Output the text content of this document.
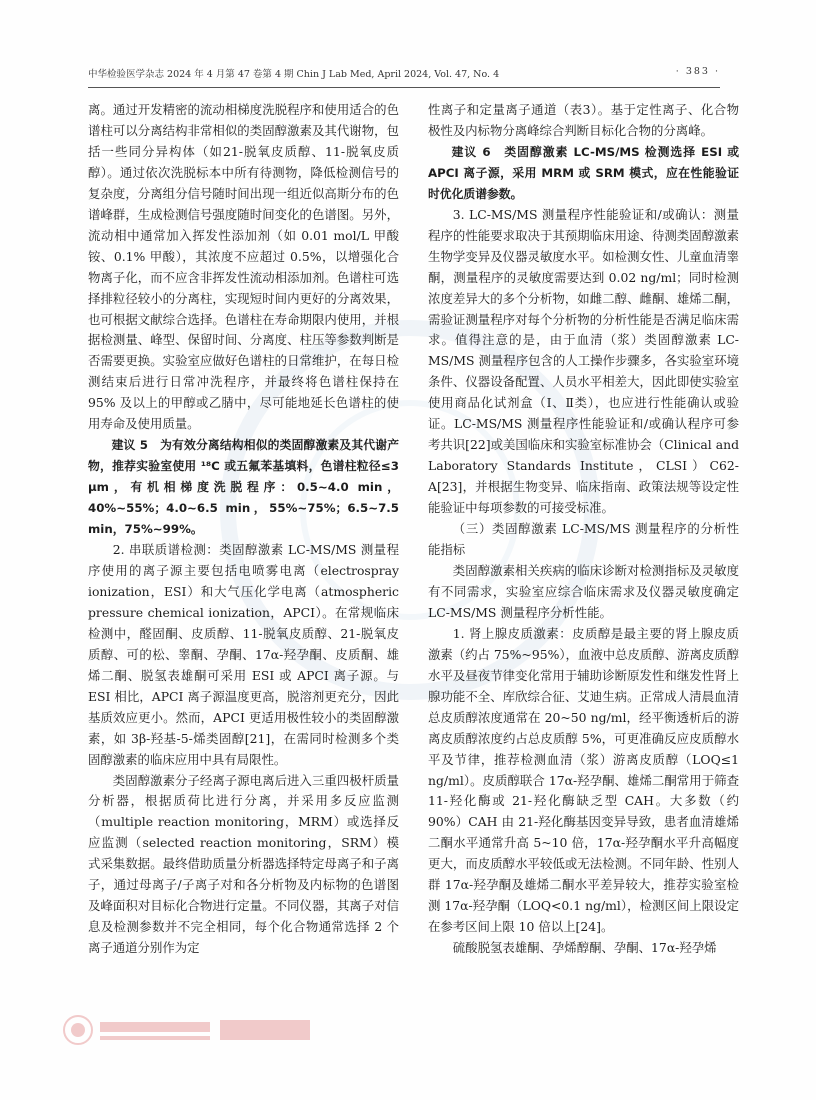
中华检验医学杂志 2024 年 4 月第 47 卷第 4 期 Chin J Lab Med, April 2024, Vol. 47, No. 4	· 383 ·

离。通过开发精密的流动相梯度洗脱程序和使用适合的色谱柱可以分离结构非常相似的类固醇激素及其代谢物，包括一些同分异构体（如21-脱氧皮质醇、11-脱氧皮质醇）。通过依次洗脱标本中所有待测物，降低检测信号的复杂度，分离组分信号随时间出现一组近似高斯分布的色谱峰群，生成检测信号强度随时间变化的色谱图。另外，流动相中通常加入挥发性添加剂（如 0.01 mol/L 甲酸铵、0.1% 甲酸），其浓度不应超过 0.5%，以增强化合物离子化，而不应含非挥发性流动相添加剂。色谱柱可选择排粒径较小的分离柱，实现短时间内更好的分离效果，也可根据文献综合选择。色谱柱在寿命期限内使用，并根据检测量、峰型、保留时间、分离度、柱压等参数判断是否需要更换。实验室应做好色谱柱的日常维护，在每日检测结束后进行日常冲洗程序，并最终将色谱柱保持在 95% 及以上的甲醇或乙腈中，尽可能地延长色谱柱的使用寿命及使用质量。

建议 5　为有效分离结构相似的类固醇激素及其代谢产物，推荐实验室使用 ¹⁸C 或五氟苯基填料，色谱柱粒径≤3 μm，有机相梯度洗脱程序：0.5~4.0 min，40%~55%；4.0~6.5 min，55%~75%；6.5~7.5 min，75%~99%。

2. 串联质谱检测：类固醇激素 LC-MS/MS 测量程序使用的离子源主要包括电喷雾电离（electrospray ionization，ESI）和大气压化学电离（atmospheric pressure chemical ionization，APCI）。在常规临床检测中，醛固酮、皮质醇、11-脱氧皮质醇、21-脱氧皮质醇、可的松、睾酮、孕酮、17α-羟孕酮、皮质酮、雄烯二酮、脱氢表雄酮可采用 ESI 或 APCI 离子源。与 ESI 相比，APCI 离子源温度更高，脱溶剂更充分，因此基质效应更小。然而，APCI 更适用极性较小的类固醇激素，如 3β-羟基-5-烯类固醇[21]，在需同时检测多个类固醇激素的临床应用中具有局限性。

类固醇激素分子经离子源电离后进入三重四极杆质量分析器，根据质荷比进行分离，并采用多反应监测（multiple reaction monitoring，MRM）或选择反应监测（selected reaction monitoring，SRM）模式采集数据。最终借助质量分析器选择特定母离子和子离子，通过母离子/子离子对和各分析物及内标物的色谱图及峰面积对目标化合物进行定量。不同仪器，其离子对信息及检测参数并不完全相同，每个化合物通常选择 2 个离子通道分别作为定

性离子和定量离子通道（表3）。基于定性离子、化合物极性及内标物分离峰综合判断目标化合物的分离峰。

建议 6　类固醇激素 LC-MS/MS 检测选择 ESI 或 APCI 离子源，采用 MRM 或 SRM 模式，应在性能验证时优化质谱参数。

3. LC-MS/MS 测量程序性能验证和/或确认：测量程序的性能要求取决于其预期临床用途、待测类固醇激素生物学变异及仪器灵敏度水平。如检测女性、儿童血清睾酮，测量程序的灵敏度需要达到 0.02 ng/ml；同时检测浓度差异大的多个分析物，如雌二醇、雌酮、雄烯二酮，需验证测量程序对每个分析物的分析性能是否满足临床需求。值得注意的是，由于血清（浆）类固醇激素 LC-MS/MS 测量程序包含的人工操作步骤多，各实验室环境条件、仪器设备配置、人员水平相差大，因此即使实验室使用商品化试剂盒（Ⅰ、Ⅱ类），也应进行性能确认或验证。LC-MS/MS 测量程序性能验证和/或确认程序可参考共识[22]或美国临床和实验室标准协会（Clinical and Laboratory Standards Institute，CLSI）C62-A[23]，并根据生物变异、临床指南、政策法规等设定性能验证中每项参数的可接受标准。

（三）类固醇激素 LC-MS/MS 测量程序的分析性能指标

类固醇激素相关疾病的临床诊断对检测指标及灵敏度有不同需求，实验室应综合临床需求及仪器灵敏度确定 LC-MS/MS 测量程序分析性能。

1. 肾上腺皮质激素：皮质醇是最主要的肾上腺皮质激素（约占 75%~95%），血液中总皮质醇、游离皮质醇水平及昼夜节律变化常用于辅助诊断原发性和继发性肾上腺功能不全、库欣综合征、艾迪生病。正常成人清晨血清总皮质醇浓度通常在 20~50 ng/ml，经平衡透析后的游离皮质醇浓度约占总皮质醇 5%，可更准确反应皮质醇水平及节律，推荐检测血清（浆）游离皮质醇（LOQ≤1 ng/ml）。皮质醇联合 17α-羟孕酮、雄烯二酮常用于筛查 11-羟化酶或 21-羟化酶缺乏型 CAH。大多数（约 90%）CAH 由 21-羟化酶基因变异导致，患者血清雄烯二酮水平通常升高 5~10 倍，17α-羟孕酮水平升高幅度更大，而皮质醇水平较低或无法检测。不同年龄、性别人群 17α-羟孕酮及雄烯二酮水平差异较大，推荐实验室检测 17α-羟孕酮（LOQ<0.1 ng/ml），检测区间上限设定在参考区间上限 10 倍以上[24]。

硫酸脱氢表雄酮、孕烯醇酮、孕酮、17α-羟孕烯
